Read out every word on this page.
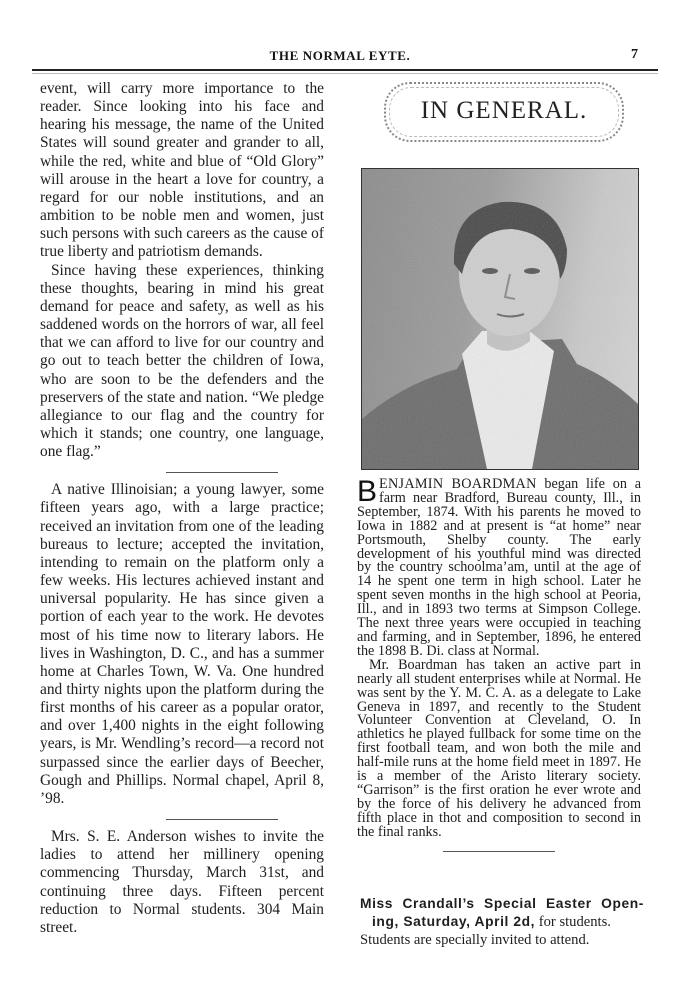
THE NORMAL EYTE.	7

event, will carry more importance to the reader. Since looking into his face and hearing his message, the name of the United States will sound greater and grander to all, while the red, white and blue of “Old Glory” will arouse in the heart a love for country, a regard for our noble institutions, and an ambition to be noble men and women, just such persons with such careers as the cause of true liberty and patriotism demands.

Since having these experiences, thinking these thoughts, bearing in mind his great demand for peace and safety, as well as his saddened words on the horrors of war, all feel that we can afford to live for our country and go out to teach better the children of Iowa, who are soon to be the defenders and the preservers of the state and nation. “We pledge allegiance to our flag and the country for which it stands; one country, one language, one flag.”

A native Illinoisian; a young lawyer, some fifteen years ago, with a large practice; received an invitation from one of the leading bureaus to lecture; accepted the invitation, intending to remain on the platform only a few weeks. His lectures achieved instant and universal popularity. He has since given a portion of each year to the work. He devotes most of his time now to literary labors. He lives in Washington, D. C., and has a summer home at Charles Town, W. Va. One hundred and thirty nights upon the platform during the first months of his career as a popular orator, and over 1,400 nights in the eight following years, is Mr. Wendling’s record—a record not surpassed since the earlier days of Beecher, Gough and Phillips. Normal chapel, April 8, ’98.

Mrs. S. E. Anderson wishes to invite the ladies to attend her millinery opening commencing Thursday, March 31st, and continuing three days. Fifteen percent reduction to Normal students. 304 Main street.

IN GENERAL.

BENJAMIN BOARDMAN began life on a farm near Bradford, Bureau county, Ill., in September, 1874. With his parents he moved to Iowa in 1882 and at present is “at home” near Portsmouth, Shelby county. The early development of his youthful mind was directed by the country schoolma’am, until at the age of 14 he spent one term in high school. Later he spent seven months in the high school at Peoria, Ill., and in 1893 two terms at Simpson College. The next three years were occupied in teaching and farming, and in September, 1896, he entered the 1898 B. Di. class at Normal.

Mr. Boardman has taken an active part in nearly all student enterprises while at Normal. He was sent by the Y. M. C. A. as a delegate to Lake Geneva in 1897, and recently to the Student Volunteer Convention at Cleveland, O. In athletics he played fullback for some time on the first football team, and won both the mile and half-mile runs at the home field meet in 1897. He is a member of the Aristo literary society. “Garrison” is the first oration he ever wrote and by the force of his delivery he advanced from fifth place in thot and composition to second in the final ranks.

Miss Crandall’s Special Easter Open-
ing, Saturday, April 2d, for students.
Students are specially invited to attend.
